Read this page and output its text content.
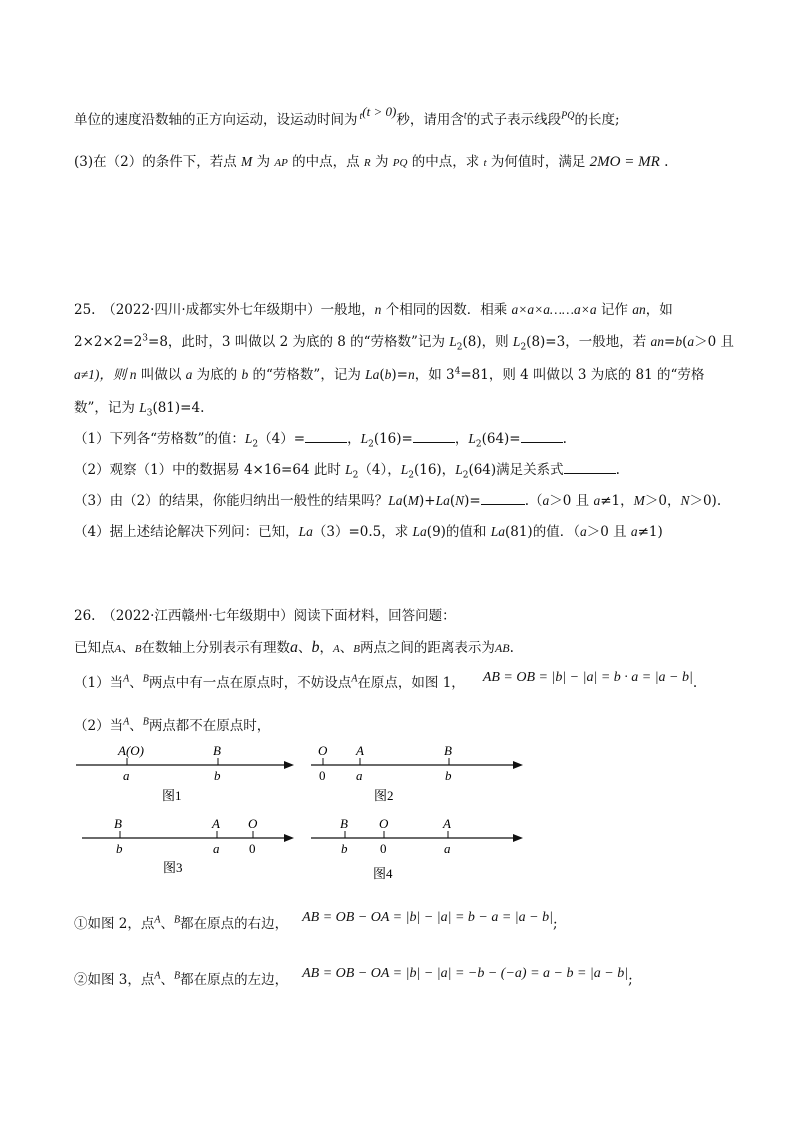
单位的速度沿数轴的正方向运动，设运动时间为 $^t$(t > 0)秒，请用含$^t$的式子表示线段$^{PQ}$的长度;
(3)在（2）的条件下，若点 M 为 AP 的中点，点 R 为 PQ 的中点，求 t 为何值时，满足 2MO = MR .
25.　（2022·四川·成都实外七年级期中）一般地，n 个相同的因数．相乘 a×a×a……a×a 记作 an，如
$2\times 2\times 2=2^3=8$，此时，3 叫做以 2 为底的 8 的“劳格数”记为 $L_2(8)$，则 $L_2(8)=3$，一般地，若 an=b(a＞0 且
a≠1)，则 n 叫做以 a 为底的 b 的“劳格数”，记为 La(b)=n，如 $3^4=81$，则 4 叫做以 3 为底的 81 的“劳格
数”，记为 $L_3(81)=4$.
（1）下列各“劳格数”的值：$L_2(4)=$	，$L_2(16)=$	，$L_2(64)=$	.
（2）观察（1）中的数据易 4×16=64 此时 $L_2(4)$，$L_2(16)$，$L_2(64)$满足关系式	.
（3）由（2）的结果，你能归纳出一般性的结果吗？La(M)+La(N)=	.（a＞0 且 a≠1，M＞0，N＞0).
（4）据上述结论解决下列问：已知，La（3）=0.5，求 La(9)的值和 La(81)的值．（a＞0 且 a≠1)
26.　（2022·江西赣州·七年级期中）阅读下面材料，回答问题：
已知点A、B在数轴上分别表示有理数a、b，A、B两点之间的距离表示为AB.
（1）当$^A$、$^B$两点中有一点在原点时，不妨设点$^A$在原点，如图 1， AB = OB = |b| − |a| = b · a = |a − b|.
（2）当$^A$、$^B$两点都不在原点时，
A(O)	B
a	b
图1
O A	B
0 a	b
图2
B	A O
b	a 0
图3
B O	A
b	0	a
图4
①如图 2，点$^A$、$^B$都在原点的右边， AB = OB − OA = |b| − |a| = b − a = |a − b|;
②如图 3，点$^A$、$^B$都在原点的左边， AB = OB − OA = |b| − |a| = −b − (−a) = a − b = |a − b|;
